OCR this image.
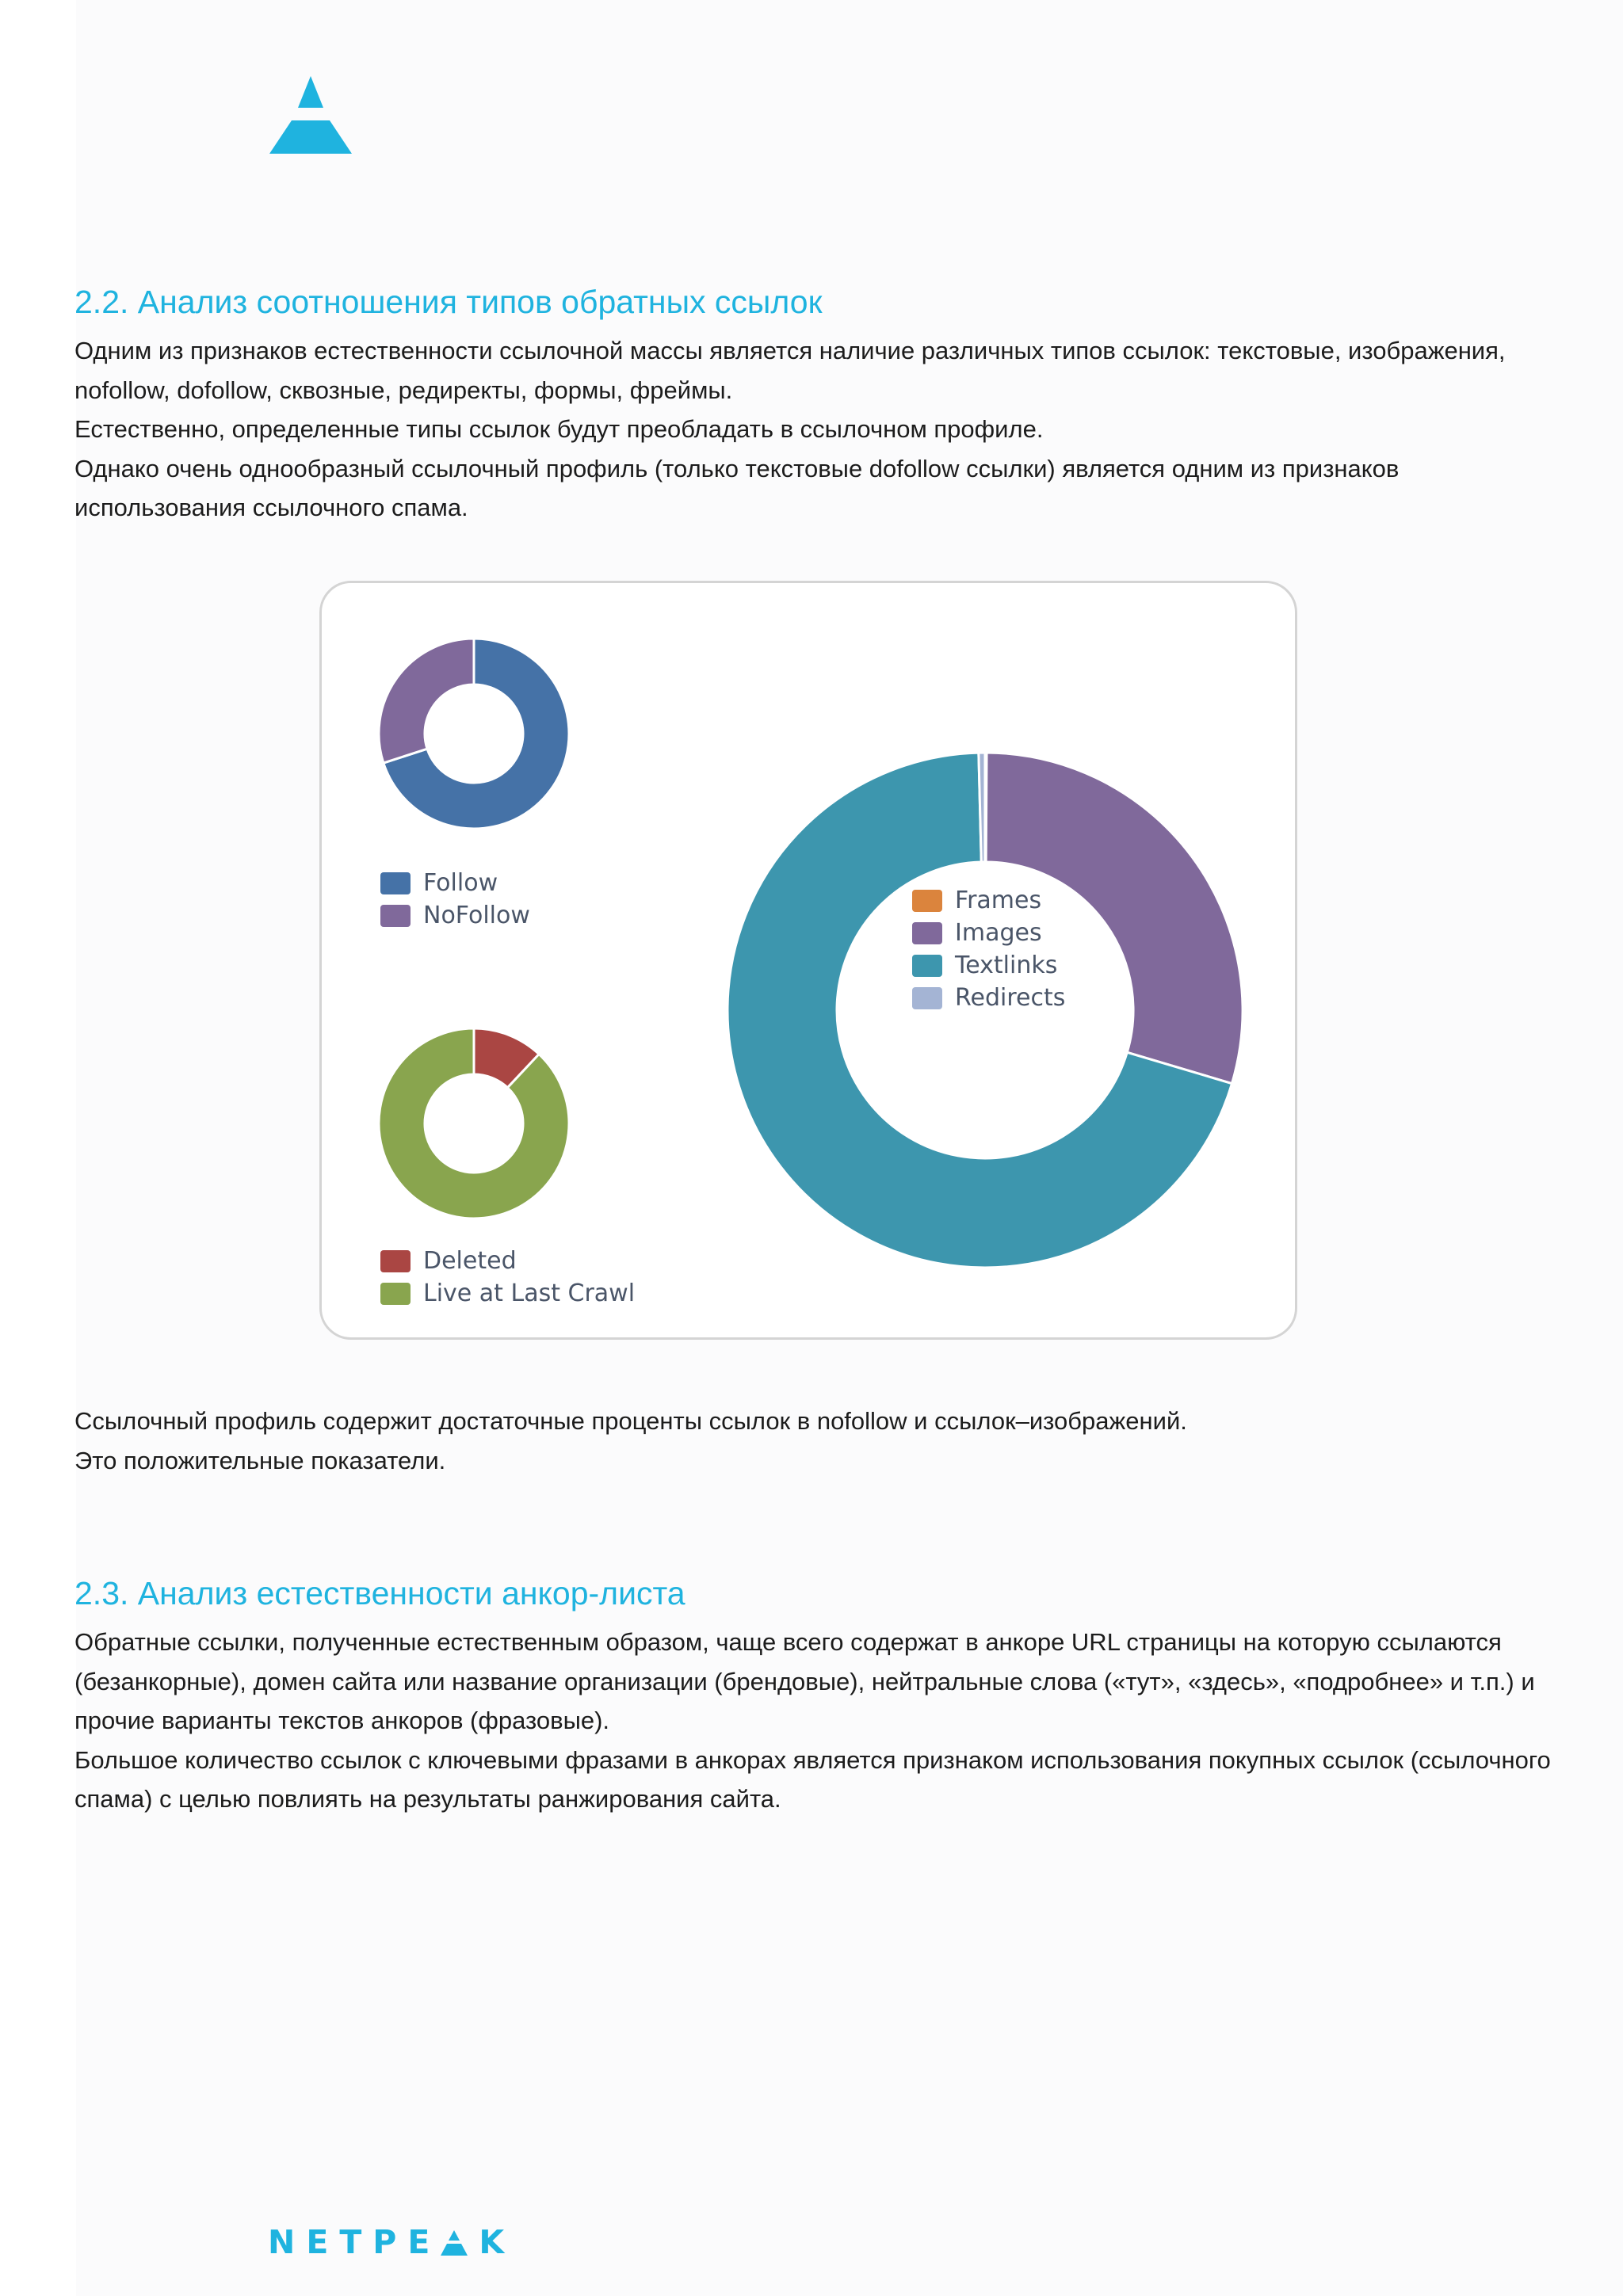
2.2. Анализ соотношения типов обратных ссылок

Одним из признаков естественности ссылочной массы является наличие различных типов ссылок: текстовые, изображения, nofollow, dofollow, сквозные, редиректы, формы, фреймы.

Естественно, определенные типы ссылок будут преобладать в ссылочном профиле.

Однако очень однообразный ссылочный профиль (только текстовые dofollow ссылки) является одним из признаков использования ссылочного спама.

Follow
NoFollow
Deleted
Live at Last Crawl
Frames
Images
Textlinks
Redirects

Ссылочный профиль содержит достаточные проценты ссылок в nofollow и ссылок–изображений.

Это положительные показатели.

2.3. Анализ естественности анкор-листа

Обратные ссылки, полученные естественным образом, чаще всего содержат в анкоре URL страницы на которую ссылаются (безанкорные), домен сайта или название организации (брендовые), нейтральные слова («тут», «здесь», «подробнее» и т.п.) и прочие варианты текстов анкоров (фразовые).

Большое количество ссылок с ключевыми фразами в анкорах является признаком использования покупных ссылок (ссылочного спама) с целью повлиять на результаты ранжирования сайта.

NETPE K
